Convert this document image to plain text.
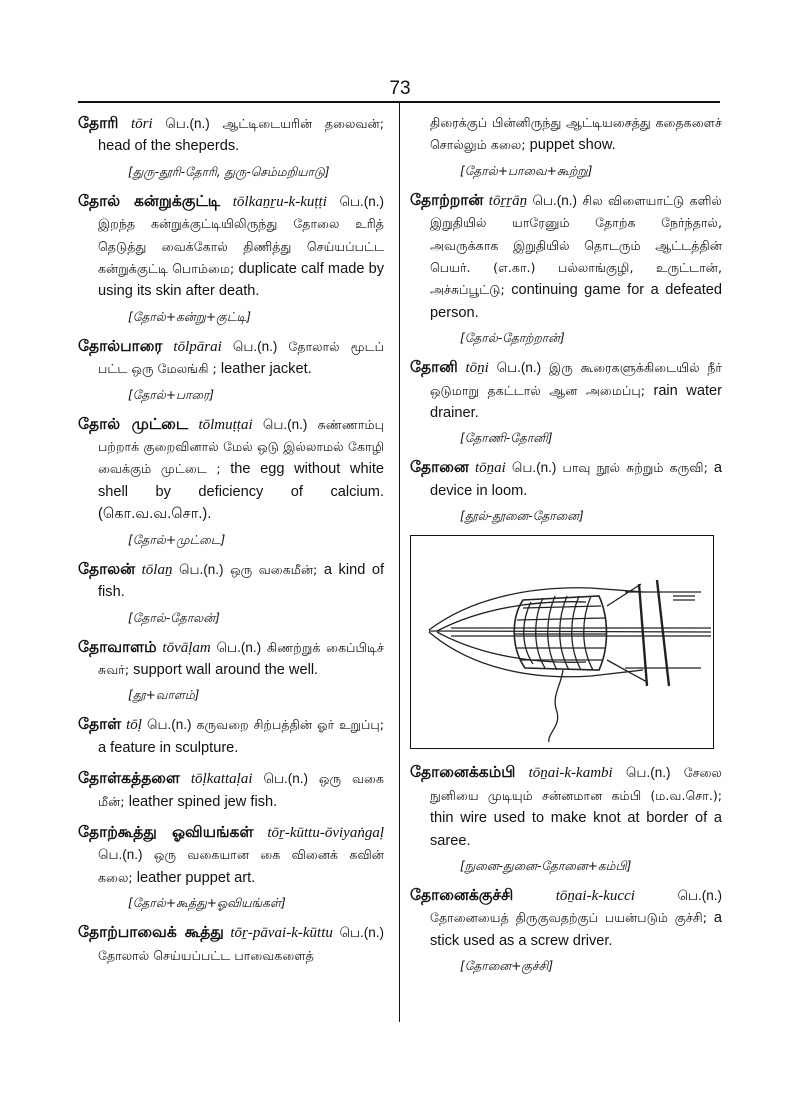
73
தோரி tōri பெ.(n.) ஆட்டிடையரின் தலைவன்; head of the sheperds.
[துரு-தூரி-தோரி, துரு-செம்மறியாடு]
தோல் கன்றுக்குட்டி tōlkaṉṟu-k-kuṭṭi பெ.(n.) இறந்த கன்றுக்குட்டியிலிருந்து தோலை உரித் தெடுத்து வைக்கோல் திணித்து செய்யப்பட்ட கன்றுக்குட்டி பொம்மை; duplicate calf made by using its skin after death.
[தோல்+கன்று+குட்டி]
தோல்பாரை tōlpārai பெ.(n.) தோலால் மூடப் பட்ட ஒரு மேலங்கி ; leather jacket.
[தோல்+பாரை]
தோல் முட்டை tōlmuṭṭai பெ.(n.) சுண்ணாம்பு பற்றாக் குறைவினால் மேல் ஒடு இல்லாமல் கோழி வைக்கும் முட்டை ; the egg without white shell by deficiency of calcium. (கொ.வ.வ.சொ.).
[தோல்+முட்டை]
தோலன் tōlaṉ பெ.(n.) ஒரு வகைமீன்; a kind of fish.
[தோல்-தோலன்]
தோவாளம் tōvāḷam பெ.(n.) கிணற்றுக் கைப்பிடிச் சுவர்; support wall around the well.
[தூ+வாளம்]
தோள் tōḷ பெ.(n.) கருவறை சிற்பத்தின் ஓர் உறுப்பு; a feature in sculpture.
தோள்கத்தளை tōḷkattaḷai பெ.(n.) ஒரு வகை மீன்; leather spined jew fish.
தோற்கூத்து ஓவியங்கள் tōṟ-kūttu-ōviyaṅgaḷ பெ.(n.) ஒரு வகையான கை வினைக் கவின் கலை; leather puppet art.
[தோல்+கூத்து+ஓவியங்கள்]
தோற்பாவைக் கூத்து tōṟ-pāvai-k-kūttu பெ.(n.) தோலால் செய்யப்பட்ட பாவைகளைத்
திரைக்குப் பின்னிருந்து ஆட்டியசைத்து கதைகளைச் சொல்லும் கலை; puppet show.
[தோல்+பாவை+கூற்று]
தோற்றான் tōṟṟāṉ பெ.(n.) சில விளையாட்டு களில் இறுதியில் யாரேனும் தோற்க நேர்ந்தால், அவருக்காக இறுதியில் தொடரும் ஆட்டத்தின் பெயர். (எ.கா.) பல்லாங்குழி, உருட்டான், அச்சுப்பூட்டு; continuing game for a defeated person.
[தோல்-தோற்றான்]
தோனி tōṉi பெ.(n.) இரு கூரைகளுக்கிடையில் நீர் ஒடுமாறு தகட்டால் ஆன அமைப்பு; rain water drainer.
[தோணி-தோனி]
தோனை tōṉai பெ.(n.) பாவு நூல் சுற்றும் கருவி; a device in loom.
[தூல்-தூனை-தோனை]
தோனைக்கம்பி tōṉai-k-kambi பெ.(n.) சேலை நுனியை முடியும் சன்னமான கம்பி (ம.வ.சொ.); thin wire used to make knot at border of a saree.
[நுனை-துனை-தோனை+கம்பி]
தோனைக்குச்சி	tōṉai-k-kucci	பெ.(n.) தோனையைத் திருகுவதற்குப் பயன்படும் குச்சி; a stick used as a screw driver.
[தோனை+குச்சி]
